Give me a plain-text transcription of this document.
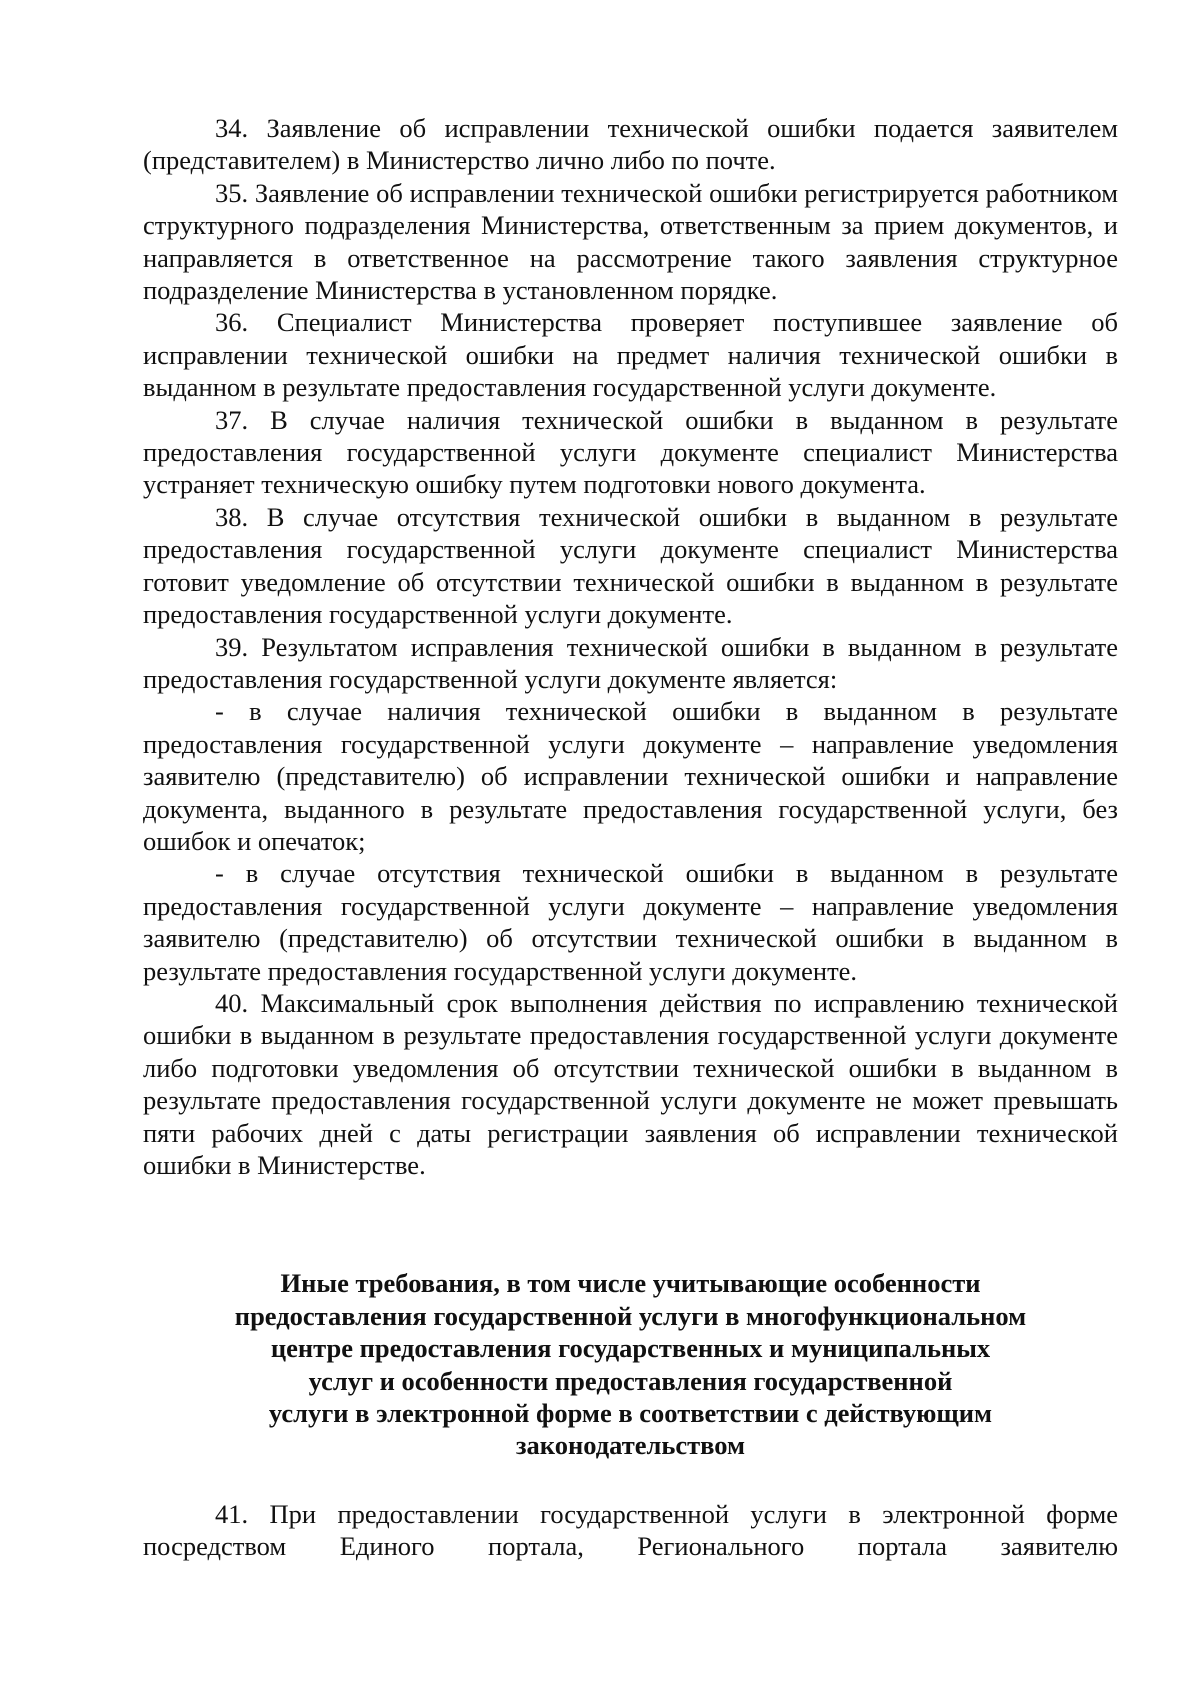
34. Заявление об исправлении технической ошибки подается заявителем (представителем) в Министерство лично либо по почте.

35. Заявление об исправлении технической ошибки регистрируется работником структурного подразделения Министерства, ответственным за прием документов, и направляется в ответственное на рассмотрение такого заявления структурное подразделение Министерства в установленном порядке.

36. Специалист Министерства проверяет поступившее заявление об исправлении технической ошибки на предмет наличия технической ошибки в выданном в результате предоставления государственной услуги документе.

37. В случае наличия технической ошибки в выданном в результате предоставления государственной услуги документе специалист Министерства устраняет техническую ошибку путем подготовки нового документа.

38. В случае отсутствия технической ошибки в выданном в результате предоставления государственной услуги документе специалист Министерства готовит уведомление об отсутствии технической ошибки в выданном в результате предоставления государственной услуги документе.

39. Результатом исправления технической ошибки в выданном в результате предоставления государственной услуги документе является:

- в случае наличия технической ошибки в выданном в результате предоставления государственной услуги документе – направление уведомления заявителю (представителю) об исправлении технической ошибки и направление документа, выданного в результате предоставления государственной услуги, без ошибок и опечаток;

- в случае отсутствия технической ошибки в выданном в результате предоставления государственной услуги документе – направление уведомления заявителю (представителю) об отсутствии технической ошибки в выданном в результате предоставления государственной услуги документе.

40. Максимальный срок выполнения действия по исправлению технической ошибки в выданном в результате предоставления государственной услуги документе либо подготовки уведомления об отсутствии технической ошибки в выданном в результате предоставления государственной услуги документе не может превышать пяти рабочих дней с даты регистрации заявления об исправлении технической ошибки в Министерстве.

Иные требования, в том числе учитывающие особенности
предоставления государственной услуги в многофункциональном
центре предоставления государственных и муниципальных
услуг и особенности предоставления государственной
услуги в электронной форме в соответствии с действующим
законодательством

41. При предоставлении государственной услуги в электронной форме посредством Единого портала, Регионального портала заявителю
